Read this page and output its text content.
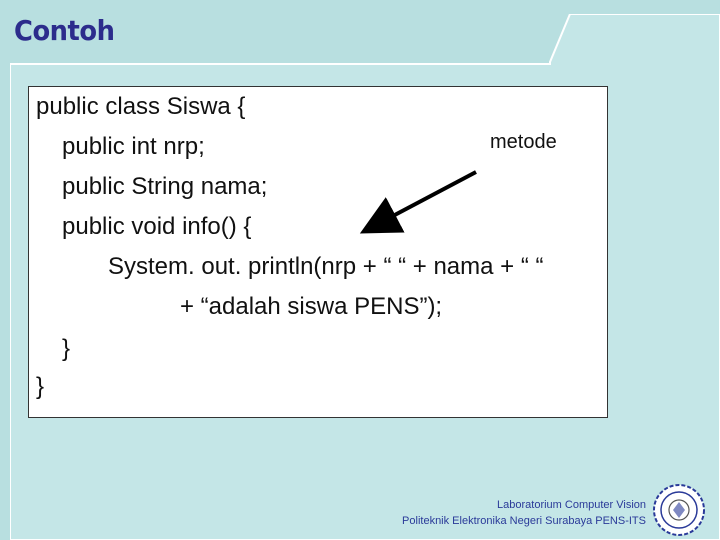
Contoh
public class Siswa {
public int nrp;
public String nama;
public void info() {
System. out. println(nrp + “ “ + nama + “ “
+ “adalah siswa PENS”);
}
}
metode
Laboratorium Computer Vision
Politeknik Elektronika Negeri Surabaya PENS-ITS
